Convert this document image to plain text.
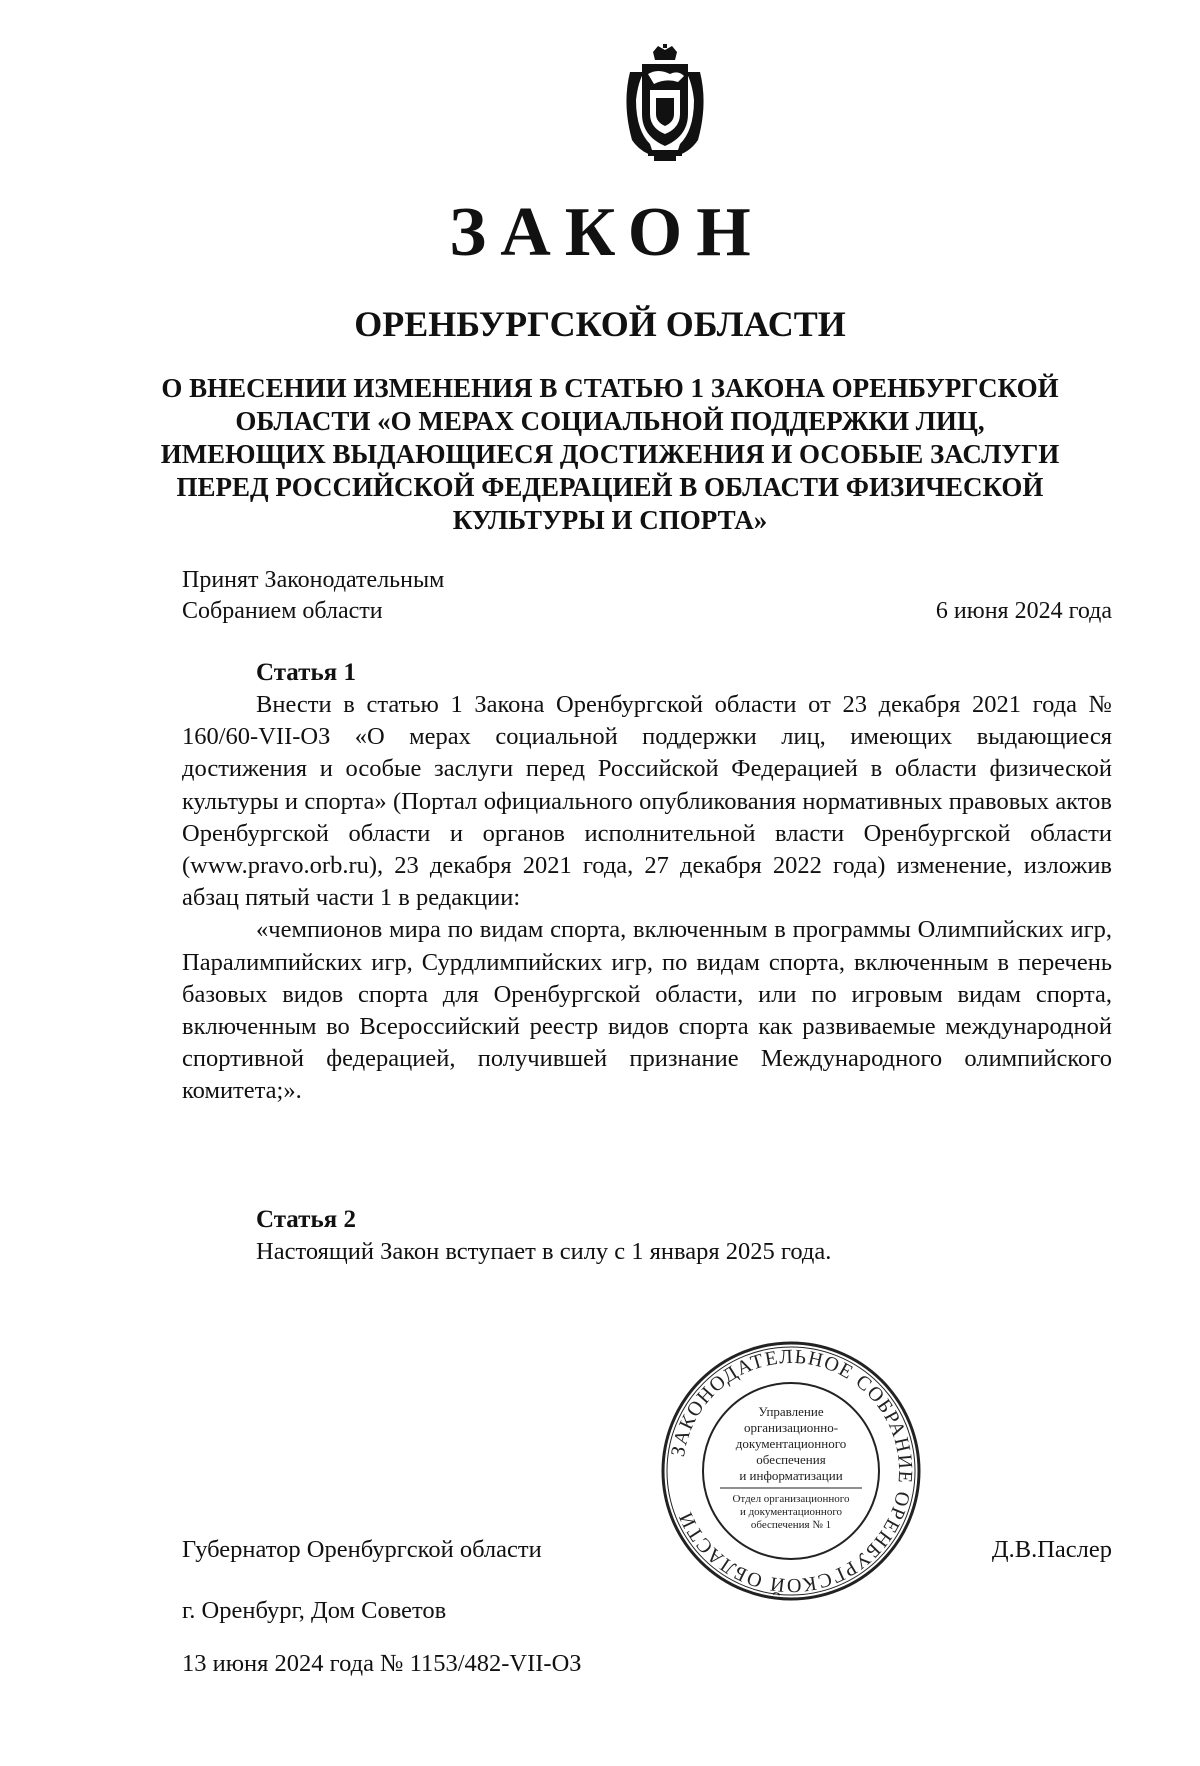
ЗАКОН
ОРЕНБУРГСКОЙ ОБЛАСТИ
О ВНЕСЕНИИ ИЗМЕНЕНИЯ В СТАТЬЮ 1 ЗАКОНА ОРЕНБУРГСКОЙ ОБЛАСТИ «О МЕРАХ СОЦИАЛЬНОЙ ПОДДЕРЖКИ ЛИЦ, ИМЕЮЩИХ ВЫДАЮЩИЕСЯ ДОСТИЖЕНИЯ И ОСОБЫЕ ЗАСЛУГИ ПЕРЕД РОССИЙСКОЙ ФЕДЕРАЦИЕЙ В ОБЛАСТИ ФИЗИЧЕСКОЙ КУЛЬТУРЫ И СПОРТА»
Принят Законодательным
Собранием области	6 июня 2024 года
Статья 1

Внести в статью 1 Закона Оренбургской области от 23 декабря 2021 года № 160/60-VII-ОЗ «О мерах социальной поддержки лиц, имеющих выдающиеся достижения и особые заслуги перед Российской Федерацией в области физической культуры и спорта» (Портал официального опубликования нормативных правовых актов Оренбургской области и органов исполнительной власти Оренбургской области (www.pravo.orb.ru), 23 декабря 2021 года, 27 декабря 2022 года) изменение, изложив абзац пятый части 1 в редакции:

«чемпионов мира по видам спорта, включенным в программы Олимпийских игр, Паралимпийских игр, Сурдлимпийских игр, по видам спорта, включенным в перечень базовых видов спорта для Оренбургской области, или по игровым видам спорта, включенным во Всероссийский реестр видов спорта как развиваемые международной спортивной федерацией, получившей признание Международного олимпийского комитета;».

Статья 2

Настоящий Закон вступает в силу с 1 января 2025 года.

ЗАКОНОДАТЕЛЬНОЕ СОБРАНИЕ ОРЕНБУРГСКОЙ ОБЛАСТИ
Управление
организационно-
документационного
обеспечения
и информатизации
Отдел организационного
и документационного
обеспечения № 1
Губернатор Оренбургской области	Д.В.Паслер
г. Оренбург, Дом Советов
13 июня 2024 года № 1153/482-VII-ОЗ
